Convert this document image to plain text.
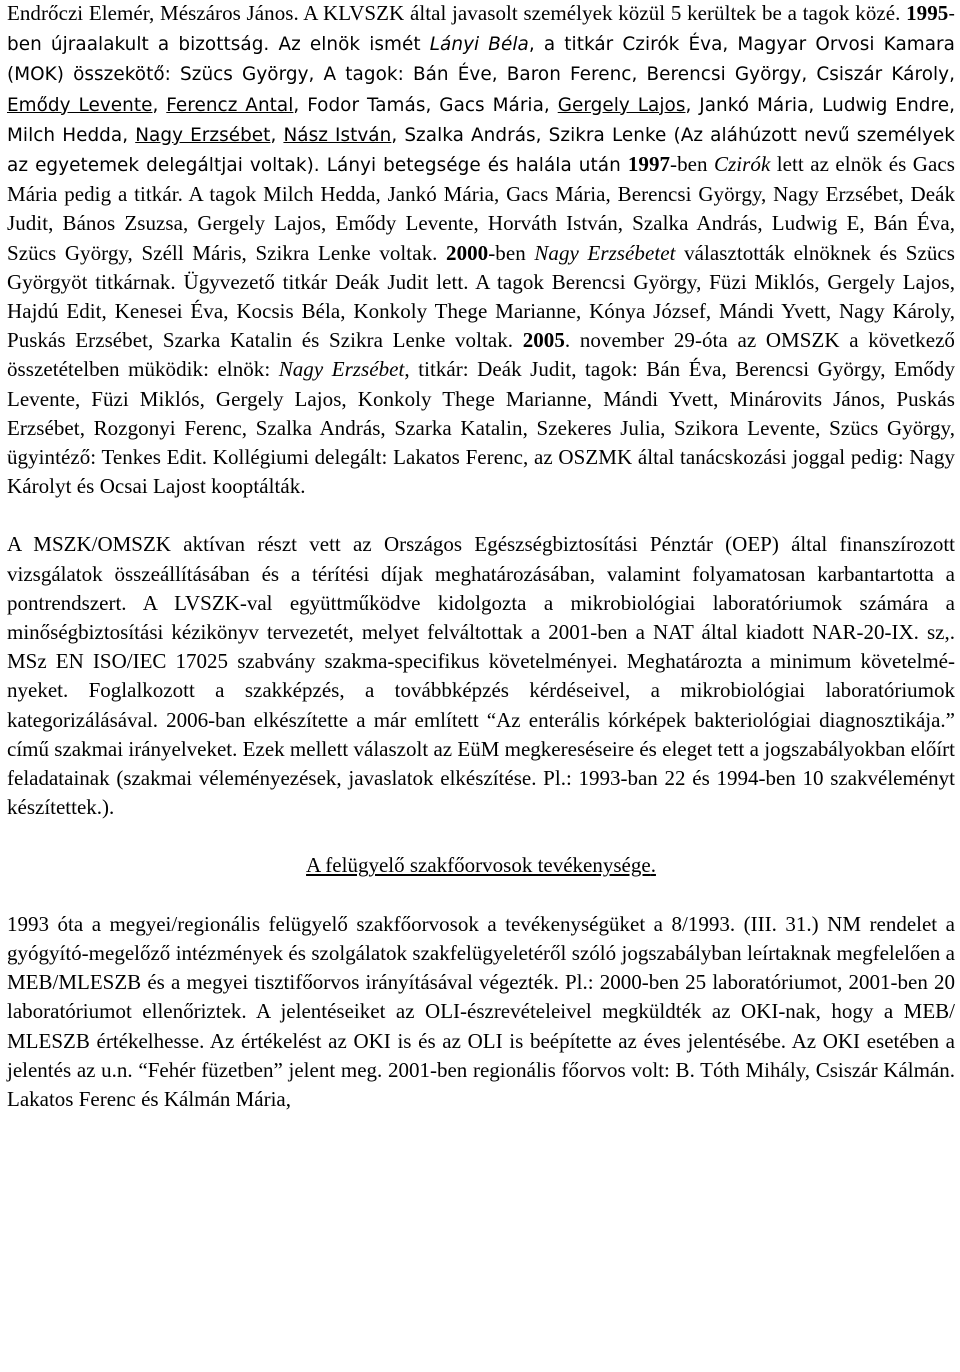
Endrőczi Elemér, Mészáros János. A KLVSZK által javasolt személyek közül 5 kerültek be a tagok közé. 1995-ben újraalakult a bizottság. Az elnök ismét Lányi Béla, a titkár Czirók Éva, Magyar Orvosi Kamara (MOK) összekötő: Szücs György, A tagok: Bán Éve, Baron Ferenc, Berencsi György, Csiszár Károly, Emődy Levente, Ferencz Antal, Fodor Tamás, Gacs Mária, Gergely Lajos, Jankó Mária, Ludwig Endre, Milch Hedda, Nagy Erzsébet, Nász István, Szalka András, Szikra Lenke (Az aláhúzott nevű személyek az egyetemek delegáltjai voltak). Lányi betegsége és halála után 1997-ben Czirók lett az elnök és Gacs Mária pedig a titkár. A tagok Milch Hedda, Jankó Mária, Gacs Mária, Berencsi György, Nagy Erzsébet, Deák Judit, Bános Zsuzsa, Gergely Lajos, Emődy Levente, Horváth István, Szalka András, Ludwig E, Bán Éva, Szücs György, Széll Máris, Szikra Lenke voltak. 2000-ben Nagy Erzsébetet választották elnöknek és Szücs Györgyöt titkárnak. Ügyvezető titkár Deák Judit lett. A tagok Berencsi György, Füzi Miklós, Gergely Lajos, Hajdú Edit, Kenesei Éva, Kocsis Béla, Konkoly Thege Marianne, Kónya József, Mándi Yvett, Nagy Károly, Puskás Erzsébet, Szarka Katalin és Szikra Lenke voltak. 2005. november 29-óta az OMSZK a következő összetételben müködik: elnök: Nagy Erzsébet, titkár: Deák Judit, tagok: Bán Éva, Berencsi György, Emődy Levente, Füzi Miklós, Gergely Lajos, Konkoly Thege Marianne, Mándi Yvett, Minárovits János, Puskás Erzsébet, Rozgonyi Ferenc, Szalka András, Szarka Katalin, Szekeres Julia, Szikora Levente, Szücs György, ügyintéző: Tenkes Edit. Kollégiumi delegált: Lakatos Ferenc, az OSZMK által tanácskozási joggal pedig: Nagy Károlyt és Ocsai Lajost kooptálták.

A MSZK/OMSZK aktívan részt vett az Országos Egészségbiztosítási Pénztár (OEP) által finanszírozott vizsgálatok összeállításában és a térítési díjak meghatározásában, valamint folyamatosan karbantartotta a pontrendszert. A LVSZK-val együttműködve kidolgozta a mikrobiológiai laboratóriumok számára a minőségbiztosítási kézikönyv tervezetét, melyet felváltottak a 2001-ben a NAT által kiadott NAR-20-IX. sz,. MSz EN ISO/IEC 17025 szabvány szakma-specifikus követelményei. Meghatározta a minimum követelményeket. Foglalkozott a szakképzés, a továbbképzés kérdéseivel, a mikrobiológiai laboratóriumok kategorizálásával. 2006-ban elkészítette a már említett “Az enterális kórképek bakteriológiai diagnosztikája.” című szakmai irányelveket. Ezek mellett válaszolt az EüM megkereséseire és eleget tett a jogszabályokban előírt feladatainak (szakmai véleményezések, javaslatok elkészítése. Pl.: 1993-ban 22 és 1994-ben 10 szakvéleményt készítettek.).

A felügyelő szakfőorvosok tevékenysége.

1993 óta a megyei/regionális felügyelő szakfőorvosok a tevékenységüket a 8/1993. (III. 31.) NM rendelet a gyógyító-megelőző intézmények és szolgálatok szakfelügyeletéről szóló jogszabályban leírtaknak megfelelően a MEB/MLESZB és a megyei tisztifőorvos irányításával végezték. Pl.: 2000-ben 25 laboratóriumot, 2001-ben 20 laboratóriumot ellenőriztek. A jelentéseiket az OLI-észrevételeivel megküldték az OKI-nak, hogy a MEB/ MLESZB értékelhesse. Az értékelést az OKI is és az OLI is beépítette az éves jelentésébe. Az OKI esetében a jelentés az u.n. “Fehér füzetben” jelent meg. 2001-ben regionális főorvos volt: B. Tóth Mihály, Csiszár Kálmán. Lakatos Ferenc és Kálmán Mária,
